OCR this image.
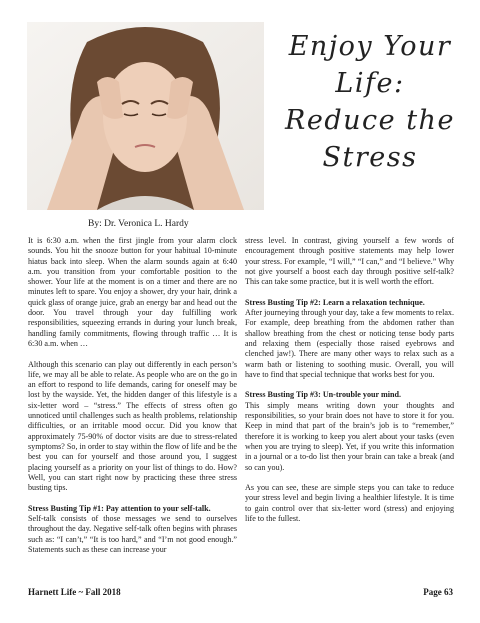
Enjoy Your
Life:
Reduce the
Stress
By: Dr. Veronica L. Hardy

It is 6:30 a.m. when the first jingle from your alarm clock sounds. You hit the snooze button for your habitual 10-minute hiatus back into sleep. When the alarm sounds again at 6:40 a.m. you transition from your comfortable position to the shower. Your life at the moment is on a timer and there are no minutes left to spare. You enjoy a shower, dry your hair, drink a quick glass of orange juice, grab an energy bar and head out the door. You travel through your day fulfilling work responsibilities, squeezing errands in during your lunch break, handling family commitments, flowing through traffic … It is 6:30 a.m. when …

Although this scenario can play out differently in each person’s life, we may all be able to relate. As people who are on the go in an effort to respond to life demands, caring for oneself may be lost by the wayside. Yet, the hidden danger of this lifestyle is a six-letter word – “stress.” The effects of stress often go unnoticed until challenges such as health problems, relationship difficulties, or an irritable mood occur. Did you know that approximately 75-90% of doctor visits are due to stress-related symptoms? So, in order to stay within the flow of life and be the best you can for yourself and those around you, I suggest placing yourself as a priority on your list of things to do. How? Well, you can start right now by practicing these three stress busting tips.

Stress Busting Tip #1: Pay attention to your self-talk.

Self-talk consists of those messages we send to ourselves throughout the day. Negative self-talk often begins with phrases such as: “I can’t,” “It is too hard,” and “I’m not good enough.” Statements such as these can increase your

stress level. In contrast, giving yourself a few words of encouragement through positive statements may help lower your stress. For example, “I will,” “I can,” and “I believe.” Why not give yourself a boost each day through positive self-talk? This can take some practice, but it is well worth the effort.

Stress Busting Tip #2: Learn a relaxation technique.

After journeying through your day, take a few moments to relax. For example, deep breathing from the abdomen rather than shallow breathing from the chest or noticing tense body parts and relaxing them (especially those raised eyebrows and clenched jaw!). There are many other ways to relax such as a warm bath or listening to soothing music. Overall, you will have to find that special technique that works best for you.

Stress Busting Tip #3: Un-trouble your mind.

This simply means writing down your thoughts and responsibilities, so your brain does not have to store it for you. Keep in mind that part of the brain’s job is to “remember,” therefore it is working to keep you alert about your tasks (even when you are trying to sleep). Yet, if you write this information in a journal or a to-do list then your brain can take a break (and so can you).

As you can see, these are simple steps you can take to reduce your stress level and begin living a healthier lifestyle. It is time to gain control over that six-letter word (stress) and enjoying life to the fullest.

Harnett Life ~ Fall 2018	Page 63
